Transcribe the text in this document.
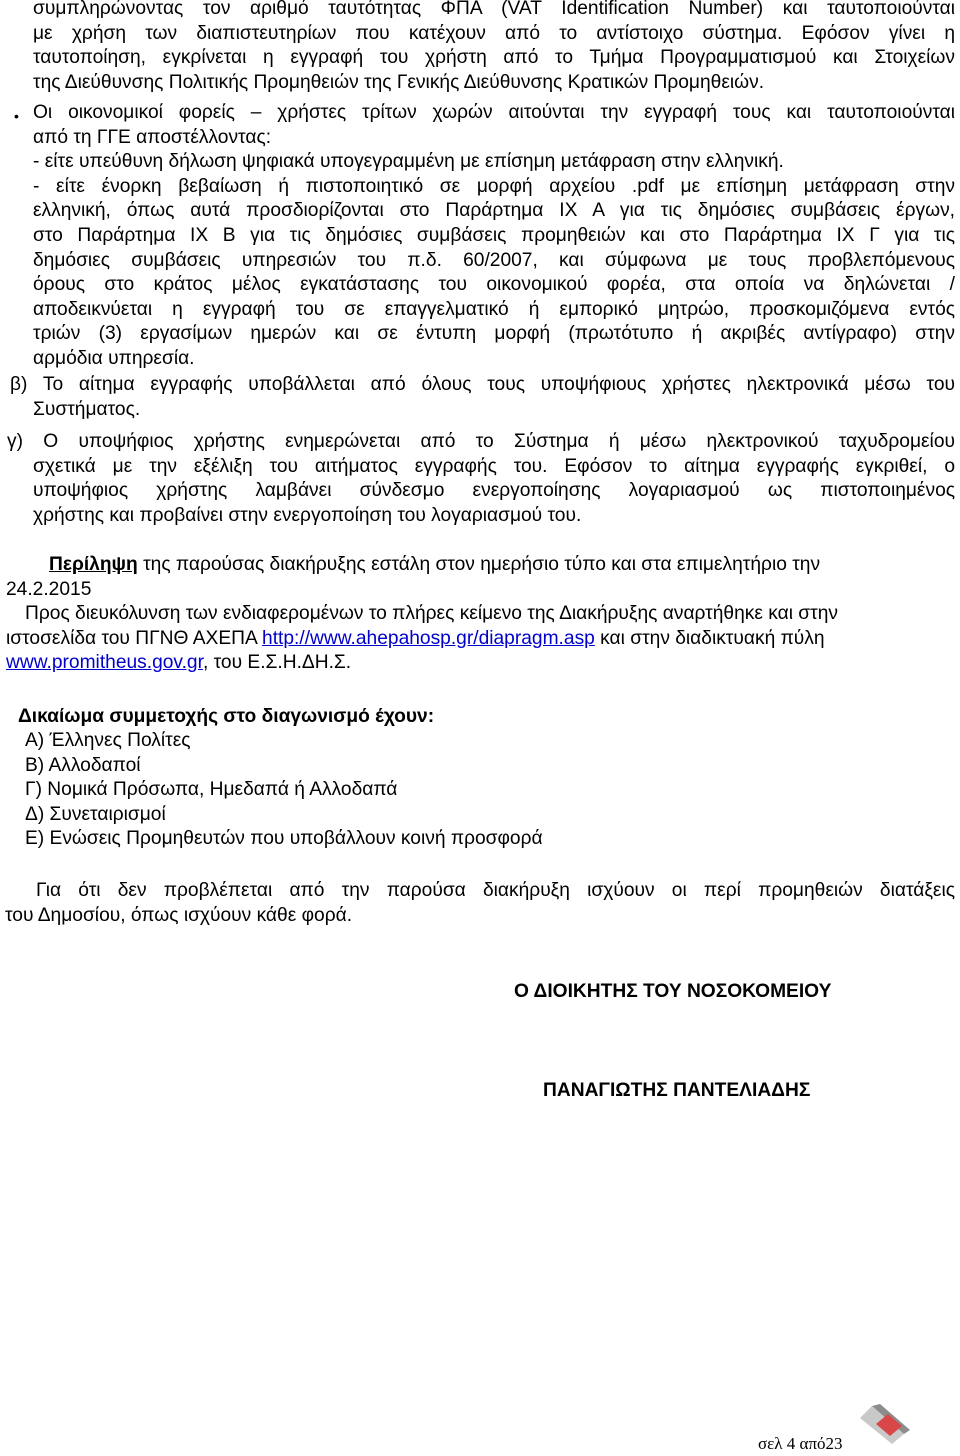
συμπληρώνοντας τον αριθμό ταυτότητας ΦΠΑ (VAT Identification Number) και ταυτοποιούνται
με χρήση των διαπιστευτηρίων που κατέχουν από το αντίστοιχο σύστημα. Εφόσον γίνει η
ταυτοποίηση, εγκρίνεται η εγγραφή του χρήστη από το Τμήμα Προγραμματισμού και Στοιχείων
της Διεύθυνσης Πολιτικής Προμηθειών της Γενικής Διεύθυνσης Κρατικών Προμηθειών.
• Οι οικονομικοί φορείς – χρήστες τρίτων χωρών αιτούνται την εγγραφή τους και ταυτοποιούνται
από τη ΓΓΕ αποστέλλοντας:
- είτε υπεύθυνη δήλωση ψηφιακά υπογεγραμμένη με επίσημη μετάφραση στην ελληνική.
- είτε ένορκη βεβαίωση ή πιστοποιητικό σε μορφή αρχείου .pdf με επίσημη μετάφραση στην
ελληνική, όπως αυτά προσδιορίζονται στο Παράρτημα ΙΧ Α για τις δημόσιες συμβάσεις έργων,
στο Παράρτημα ΙΧ Β για τις δημόσιες συμβάσεις προμηθειών και στο Παράρτημα ΙΧ Γ για τις
δημόσιες συμβάσεις υπηρεσιών του π.δ. 60/2007, και σύμφωνα με τους προβλεπόμενους
όρους στο κράτος μέλος εγκατάστασης του οικονομικού φορέα, στα οποία να δηλώνεται /
αποδεικνύεται η εγγραφή του σε επαγγελματικό ή εμπορικό μητρώο, προσκομιζόμενα εντός
τριών (3) εργασίμων ημερών και σε έντυπη μορφή (πρωτότυπο ή ακριβές αντίγραφο) στην
αρμόδια υπηρεσία.
β) Το αίτημα εγγραφής υποβάλλεται από όλους τους υποψήφιους χρήστες ηλεκτρονικά μέσω του
Συστήματος.
γ) Ο υποψήφιος χρήστης ενημερώνεται από το Σύστημα ή μέσω ηλεκτρονικού ταχυδρομείου
σχετικά με την εξέλιξη του αιτήματος εγγραφής του. Εφόσον το αίτημα εγγραφής εγκριθεί, ο
υποψήφιος χρήστης λαμβάνει σύνδεσμο ενεργοποίησης λογαριασμού ως πιστοποιημένος
χρήστης και προβαίνει στην ενεργοποίηση του λογαριασμού του.
Περίληψη της παρούσας διακήρυξης εστάλη στον ημερήσιο τύπο και στα επιμελητήριο την
24.2.2015
Προς διευκόλυνση των ενδιαφερομένων το πλήρες κείμενο της Διακήρυξης αναρτήθηκε και στην
ιστοσελίδα του ΠΓΝΘ ΑΧΕΠΑ http://www.ahepahosp.gr/diapragm.asp και στην διαδικτυακή πύλη
www.promitheus.gov.gr, του Ε.Σ.Η.ΔΗ.Σ.
Δικαίωμα συμμετοχής στο διαγωνισμό έχουν:
Α) Έλληνες Πολίτες
Β) Αλλοδαποί
Γ) Νομικά Πρόσωπα, Ημεδαπά ή Αλλοδαπά
Δ) Συνεταιρισμοί
Ε) Ενώσεις Προμηθευτών που υποβάλλουν κοινή προσφορά
Για ότι δεν προβλέπεται από την παρούσα διακήρυξη ισχύουν οι περί προμηθειών διατάξεις
του Δημοσίου, όπως ισχύουν κάθε φορά.
Ο ΔΙΟΙΚΗΤΗΣ ΤΟΥ ΝΟΣΟΚΟΜΕΙΟΥ
ΠΑΝΑΓΙΩΤΗΣ ΠΑΝΤΕΛΙΑΔΗΣ
σελ 4 από23
